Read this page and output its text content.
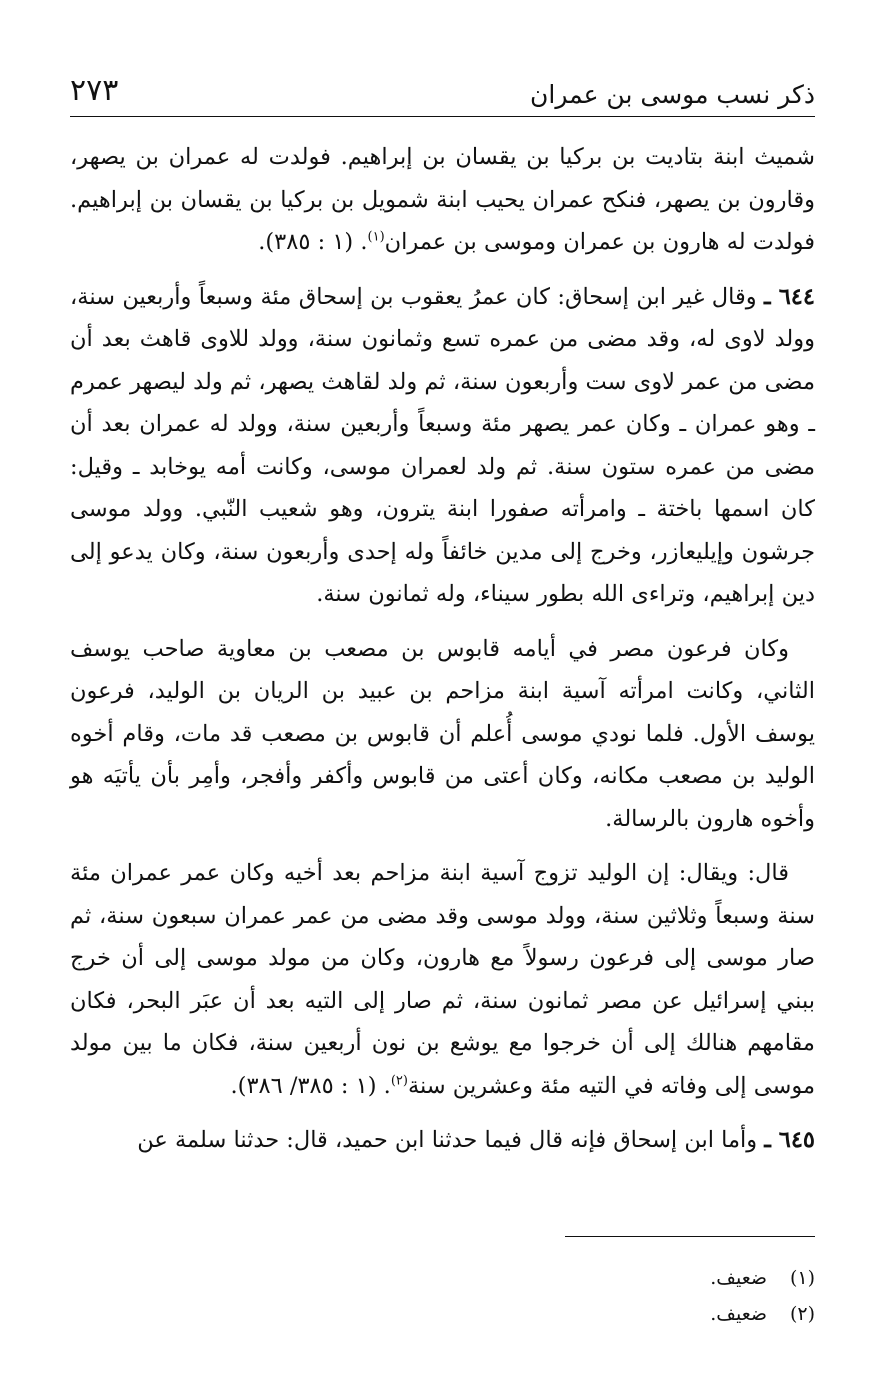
ذكر نسب موسى بن عمران
٢٧٣

شميث ابنة بتاديت بن بركيا بن يقسان بن إبراهيم. فولدت له عمران بن يصهر، وقارون بن يصهر، فنكح عمران يحيب ابنة شمويل بن بركيا بن يقسان بن إبراهيم. فولدت له هارون بن عمران وموسى بن عمران$^{(١)}$. (١ : ٣٨٥).

٦٤٤ ـ وقال غير ابن إسحاق: كان عمرُ يعقوب بن إسحاق مئة وسبعاً وأربعين سنة، وولد لاوى له، وقد مضى من عمره تسع وثمانون سنة، وولد للاوى قاهث بعد أن مضى من عمر لاوى ست وأربعون سنة، ثم ولد لقاهث يصهر، ثم ولد ليصهر عمرم ـ وهو عمران ـ وكان عمر يصهر مئة وسبعاً وأربعين سنة، وولد له عمران بعد أن مضى من عمره ستون سنة. ثم ولد لعمران موسى، وكانت أمه يوخابد ـ وقيل: كان اسمها باختة ـ وامرأته صفورا ابنة يترون، وهو شعيب النّبي. وولد موسى جرشون وإيليعازر، وخرج إلى مدين خائفاً وله إحدى وأربعون سنة، وكان يدعو إلى دين إبراهيم، وتراءى الله بطور سيناء، وله ثمانون سنة.

وكان فرعون مصر في أيامه قابوس بن مصعب بن معاوية صاحب يوسف الثاني، وكانت امرأته آسية ابنة مزاحم بن عبيد بن الريان بن الوليد، فرعون يوسف الأول. فلما نودي موسى أُعلم أن قابوس بن مصعب قد مات، وقام أخوه الوليد بن مصعب مكانه، وكان أعتى من قابوس وأكفر وأفجر، وأمِر بأن يأتيَه هو وأخوه هارون بالرسالة.

قال: ويقال: إن الوليد تزوج آسية ابنة مزاحم بعد أخيه وكان عمر عمران مئة سنة وسبعاً وثلاثين سنة، وولد موسى وقد مضى من عمر عمران سبعون سنة، ثم صار موسى إلى فرعون رسولاً مع هارون، وكان من مولد موسى إلى أن خرج ببني إسرائيل عن مصر ثمانون سنة، ثم صار إلى التيه بعد أن عبَر البحر، فكان مقامهم هنالك إلى أن خرجوا مع يوشع بن نون أربعين سنة، فكان ما بين مولد موسى إلى وفاته في التيه مئة وعشرين سنة$^{(٢)}$. (١ : ٣٨٥/ ٣٨٦).

٦٤٥ ـ وأما ابن إسحاق فإنه قال فيما حدثنا ابن حميد، قال: حدثنا سلمة عن

(١)
ضعيف.
(٢)
ضعيف.
